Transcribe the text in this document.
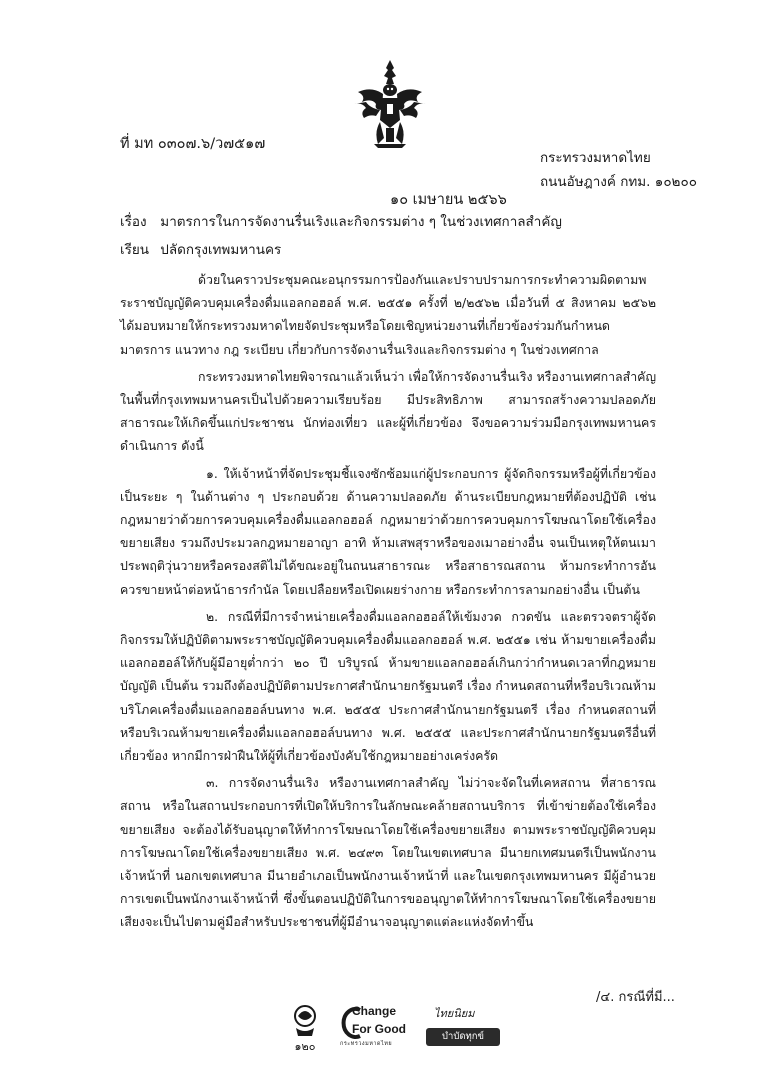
ที่ มท ๐๓๐๗.๖/ว๗๕๑๗
กระทรวงมหาดไทย
ถนนอัษฎางค์ กทม. ๑๐๒๐๐
๑๐ เมษายน ๒๕๖๖
เรื่อง มาตรการในการจัดงานรื่นเริงและกิจกรรมต่าง ๆ ในช่วงเทศกาลสำคัญ
เรียน ปลัดกรุงเทพมหานคร

ด้วยในคราวประชุมคณะอนุกรรมการป้องกันและปราบปรามการกระทำความผิดตามพระราชบัญญัติควบคุมเครื่องดื่มแอลกอฮอล์ พ.ศ. ๒๕๕๑ ครั้งที่ ๒/๒๕๖๒ เมื่อวันที่ ๕ สิงหาคม ๒๕๖๒ ได้มอบหมายให้กระทรวงมหาดไทยจัดประชุมหรือโดยเชิญหน่วยงานที่เกี่ยวข้องร่วมกันกำหนดมาตรการ แนวทาง กฎ ระเบียบ เกี่ยวกับการจัดงานรื่นเริงและกิจกรรมต่าง ๆ ในช่วงเทศกาล

กระทรวงมหาดไทยพิจารณาแล้วเห็นว่า เพื่อให้การจัดงานรื่นเริง หรืองานเทศกาลสำคัญในพื้นที่กรุงเทพมหานครเป็นไปด้วยความเรียบร้อย มีประสิทธิภาพ สามารถสร้างความปลอดภัยสาธารณะให้เกิดขึ้นแก่ประชาชน นักท่องเที่ยว และผู้ที่เกี่ยวข้อง จึงขอความร่วมมือกรุงเทพมหานครดำเนินการ ดังนี้

๑. ให้เจ้าหน้าที่จัดประชุมชี้แจงซักซ้อมแก่ผู้ประกอบการ ผู้จัดกิจกรรมหรือผู้ที่เกี่ยวข้องเป็นระยะ ๆ ในด้านต่าง ๆ ประกอบด้วย ด้านความปลอดภัย ด้านระเบียบกฎหมายที่ต้องปฏิบัติ เช่น กฎหมายว่าด้วยการควบคุมเครื่องดื่มแอลกอฮอล์ กฎหมายว่าด้วยการควบคุมการโฆษณาโดยใช้เครื่องขยายเสียง รวมถึงประมวลกฎหมายอาญา อาทิ ห้ามเสพสุราหรือของเมาอย่างอื่น จนเป็นเหตุให้ตนเมา ประพฤติวุ่นวายหรือครองสติไม่ได้ขณะอยู่ในถนนสาธารณะ หรือสาธารณสถาน ห้ามกระทำการอันควรขายหน้าต่อหน้าธารกำนัล โดยเปลือยหรือเปิดเผยร่างกาย หรือกระทำการลามกอย่างอื่น เป็นต้น

๒. กรณีที่มีการจำหน่ายเครื่องดื่มแอลกอฮอล์ให้เข้มงวด กวดขัน และตรวจตราผู้จัดกิจกรรมให้ปฏิบัติตามพระราชบัญญัติควบคุมเครื่องดื่มแอลกอฮอล์ พ.ศ. ๒๕๕๑ เช่น ห้ามขายเครื่องดื่มแอลกอฮอล์ให้กับผู้มีอายุต่ำกว่า ๒๐ ปี บริบูรณ์ ห้ามขายแอลกอฮอล์เกินกว่ากำหนดเวลาที่กฎหมายบัญญัติ เป็นต้น รวมถึงต้องปฏิบัติตามประกาศสำนักนายกรัฐมนตรี เรื่อง กำหนดสถานที่หรือบริเวณห้ามบริโภคเครื่องดื่มแอลกอฮอล์บนทาง พ.ศ. ๒๕๕๕ ประกาศสำนักนายกรัฐมนตรี เรื่อง กำหนดสถานที่หรือบริเวณห้ามขายเครื่องดื่มแอลกอฮอล์บนทาง พ.ศ. ๒๕๕๕ และประกาศสำนักนายกรัฐมนตรีอื่นที่เกี่ยวข้อง หากมีการฝ่าฝืนให้ผู้ที่เกี่ยวข้องบังคับใช้กฎหมายอย่างเคร่งครัด

๓. การจัดงานรื่นเริง หรืองานเทศกาลสำคัญ ไม่ว่าจะจัดในที่เคหสถาน ที่สาธารณสถาน หรือในสถานประกอบการที่เปิดให้บริการในลักษณะคล้ายสถานบริการ ที่เข้าข่ายต้องใช้เครื่องขยายเสียง จะต้องได้รับอนุญาตให้ทำการโฆษณาโดยใช้เครื่องขยายเสียง ตามพระราชบัญญัติควบคุมการโฆษณาโดยใช้เครื่องขยายเสียง พ.ศ. ๒๔๙๓ โดยในเขตเทศบาล มีนายกเทศมนตรีเป็นพนักงานเจ้าหน้าที่ นอกเขตเทศบาล มีนายอำเภอเป็นพนักงานเจ้าหน้าที่ และในเขตกรุงเทพมหานคร มีผู้อำนวยการเขตเป็นพนักงานเจ้าหน้าที่ ซึ่งขั้นตอนปฏิบัติในการขออนุญาตให้ทำการโฆษณาโดยใช้เครื่องขยายเสียงจะเป็นไปตามคู่มือสำหรับประชาชนที่ผู้มีอำนาจอนุญาตแต่ละแห่งจัดทำขึ้น

/๔. กรณีที่มี...
๑๒๐
Change
For Good
กระทรวงมหาดไทย
ไทยนิยม
บำบัดทุกข์ บำรุงสุข
